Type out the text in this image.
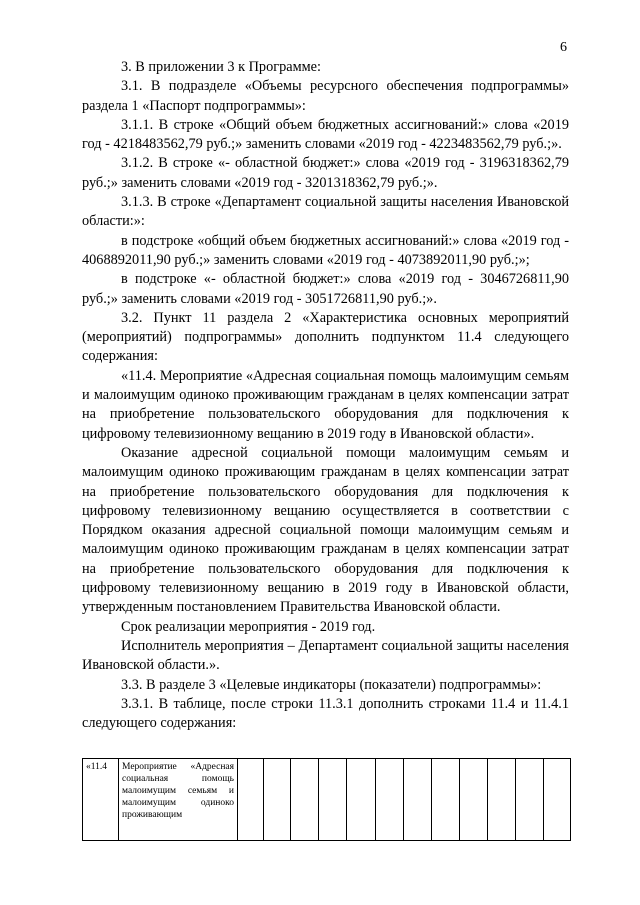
6

3. В приложении 3 к Программе:

3.1. В подразделе «Объемы ресурсного обеспечения подпрограммы» раздела 1 «Паспорт подпрограммы»:

3.1.1. В строке «Общий объем бюджетных ассигнований:» слова «2019 год - 4218483562,79 руб.;» заменить словами «2019 год - 4223483562,79 руб.;».

3.1.2. В строке «- областной бюджет:» слова «2019 год - 3196318362,79 руб.;» заменить словами «2019 год - 3201318362,79 руб.;».

3.1.3. В строке «Департамент социальной защиты населения Ивановской области:»:

в подстроке «общий объем бюджетных ассигнований:» слова «2019 год - 4068892011,90 руб.;» заменить словами «2019 год - 4073892011,90 руб.;»;

в подстроке «- областной бюджет:» слова «2019 год - 3046726811,90 руб.;» заменить словами «2019 год - 3051726811,90 руб.;».

3.2. Пункт 11 раздела 2 «Характеристика основных мероприятий (мероприятий) подпрограммы» дополнить подпунктом 11.4 следующего содержания:

«11.4. Мероприятие «Адресная социальная помощь малоимущим семьям и малоимущим одиноко проживающим гражданам в целях компенсации затрат на приобретение пользовательского оборудования для подключения к цифровому телевизионному вещанию в 2019 году в Ивановской области».

Оказание адресной социальной помощи малоимущим семьям и малоимущим одиноко проживающим гражданам в целях компенсации затрат на приобретение пользовательского оборудования для подключения к цифровому телевизионному вещанию осуществляется в соответствии с Порядком оказания адресной социальной помощи малоимущим семьям и малоимущим одиноко проживающим гражданам в целях компенсации затрат на приобретение пользовательского оборудования для подключения к цифровому телевизионному вещанию в 2019 году в Ивановской области, утвержденным постановлением Правительства Ивановской области.

Срок реализации мероприятия - 2019 год.

Исполнитель мероприятия – Департамент социальной защиты населения Ивановской области.».

3.3. В разделе 3 «Целевые индикаторы (показатели) подпрограммы»:

3.3.1. В таблице, после строки 11.3.1 дополнить строками 11.4 и 11.4.1 следующего содержания:

«11.4	Мероприятие «Адресная социальная помощь малоимущим семьям и малоимущим одиноко проживающим												
